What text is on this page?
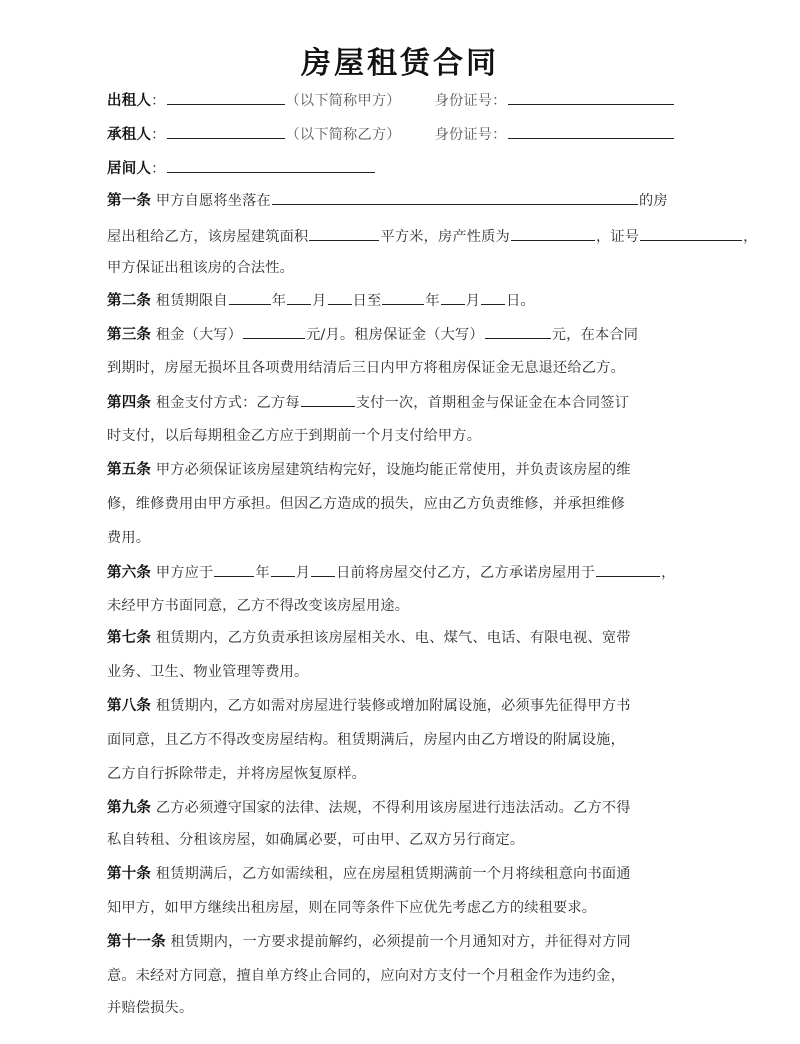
房屋租赁合同
出租人：	（以下简称甲方） 身份证号：
承租人：	（以下简称乙方） 身份证号：
居间人：
第一条 甲方自愿将坐落在	的房
屋出租给乙方，该房屋建筑面积	平方米，房产性质为	，证号	，
甲方保证出租该房的合法性。
第二条 租赁期限自	年 月 日至	年 月 日。
第三条 租金（大写）	元/月。租房保证金（大写）	元，在本合同
到期时，房屋无损坏且各项费用结清后三日内甲方将租房保证金无息退还给乙方。
第四条 租金支付方式：乙方每	支付一次，首期租金与保证金在本合同签订
时支付，以后每期租金乙方应于到期前一个月支付给甲方。
第五条 甲方必须保证该房屋建筑结构完好，设施均能正常使用，并负责该房屋的维
修，维修费用由甲方承担。但因乙方造成的损失，应由乙方负责维修，并承担维修
费用。
第六条 甲方应于	年 月 日前将房屋交付乙方，乙方承诺房屋用于	，
未经甲方书面同意，乙方不得改变该房屋用途。
第七条 租赁期内，乙方负责承担该房屋相关水、电、煤气、电话、有限电视、宽带
业务、卫生、物业管理等费用。
第八条 租赁期内，乙方如需对房屋进行装修或增加附属设施，必须事先征得甲方书
面同意，且乙方不得改变房屋结构。租赁期满后，房屋内由乙方增设的附属设施，
乙方自行拆除带走，并将房屋恢复原样。
第九条 乙方必须遵守国家的法律、法规，不得利用该房屋进行违法活动。乙方不得
私自转租、分租该房屋，如确属必要，可由甲、乙双方另行商定。
第十条 租赁期满后，乙方如需续租，应在房屋租赁期满前一个月将续租意向书面通
知甲方，如甲方继续出租房屋，则在同等条件下应优先考虑乙方的续租要求。
第十一条 租赁期内，一方要求提前解约，必须提前一个月通知对方，并征得对方同
意。未经对方同意，擅自单方终止合同的，应向对方支付一个月租金作为违约金，
并赔偿损失。
